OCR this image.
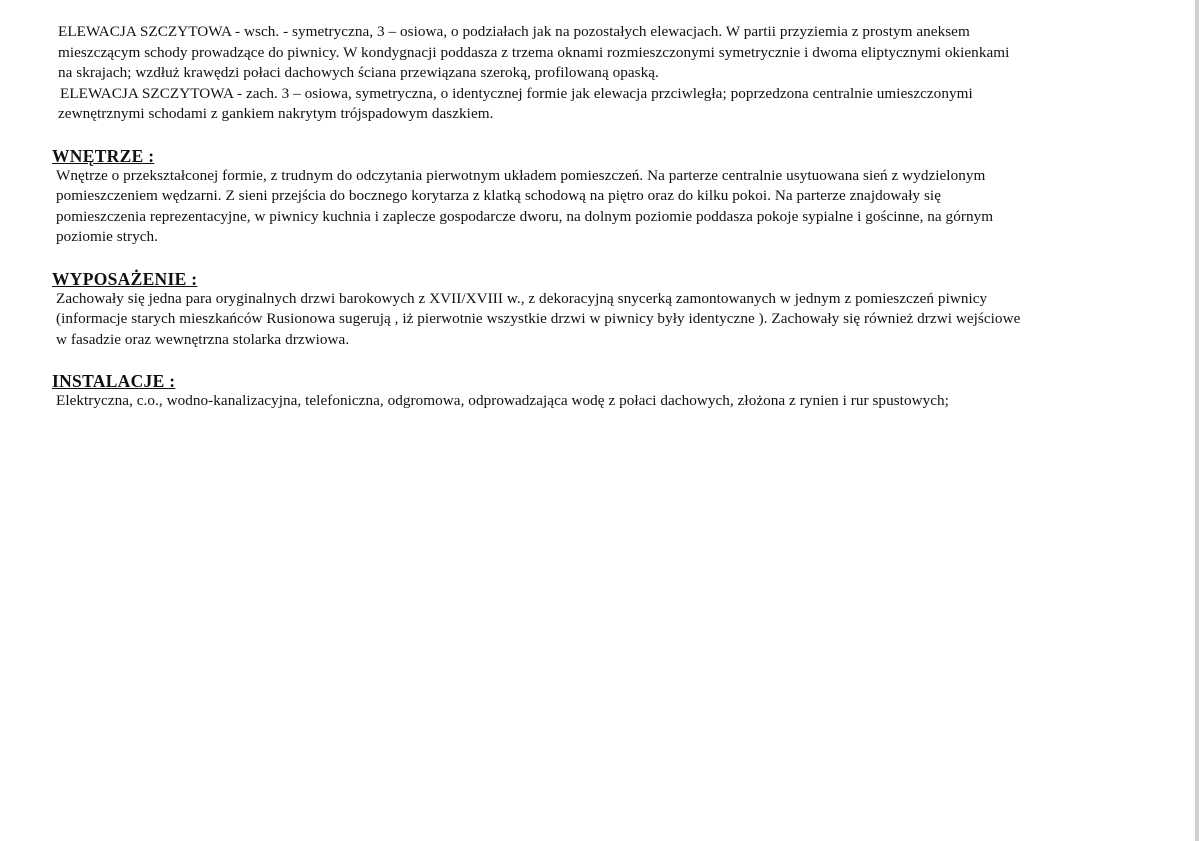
ELEWACJA SZCZYTOWA - wsch. - symetryczna, 3 – osiowa, o podziałach jak na pozostałych elewacjach. W partii przyziemia z prostym aneksem
mieszczącym schody prowadzące do piwnicy. W kondygnacji poddasza z trzema oknami rozmieszczonymi symetrycznie i dwoma eliptycznymi okienkami
na skrajach; wzdłuż krawędzi połaci dachowych ściana przewiązana szeroką, profilowaną opaską.
ELEWACJA SZCZYTOWA - zach. 3 – osiowa, symetryczna, o identycznej formie jak elewacja przciwległa; poprzedzona centralnie umieszczonymi
zewnętrznymi schodami z gankiem nakrytym trójspadowym daszkiem.
WNĘTRZE :
Wnętrze o przekształconej formie, z trudnym do odczytania pierwotnym układem pomieszczeń. Na parterze centralnie usytuowana sień z wydzielonym
pomieszczeniem wędzarni. Z sieni przejścia do bocznego korytarza z klatką schodową na piętro oraz do kilku pokoi. Na parterze znajdowały się
pomieszczenia reprezentacyjne, w piwnicy kuchnia i zaplecze gospodarcze dworu, na dolnym poziomie poddasza pokoje sypialne i gościnne, na górnym
poziomie strych.
WYPOSAŻENIE :
Zachowały się jedna para oryginalnych drzwi barokowych z XVII/XVIII w., z dekoracyjną snycerką zamontowanych w jednym z pomieszczeń piwnicy
(informacje starych mieszkańców Rusionowa sugerują , iż pierwotnie wszystkie drzwi w piwnicy były identyczne ). Zachowały się również drzwi wejściowe
w fasadzie oraz wewnętrzna stolarka drzwiowa.
INSTALACJE :
Elektryczna, c.o., wodno-kanalizacyjna, telefoniczna, odgromowa, odprowadzająca wodę z połaci dachowych, złożona z rynien i rur spustowych;
